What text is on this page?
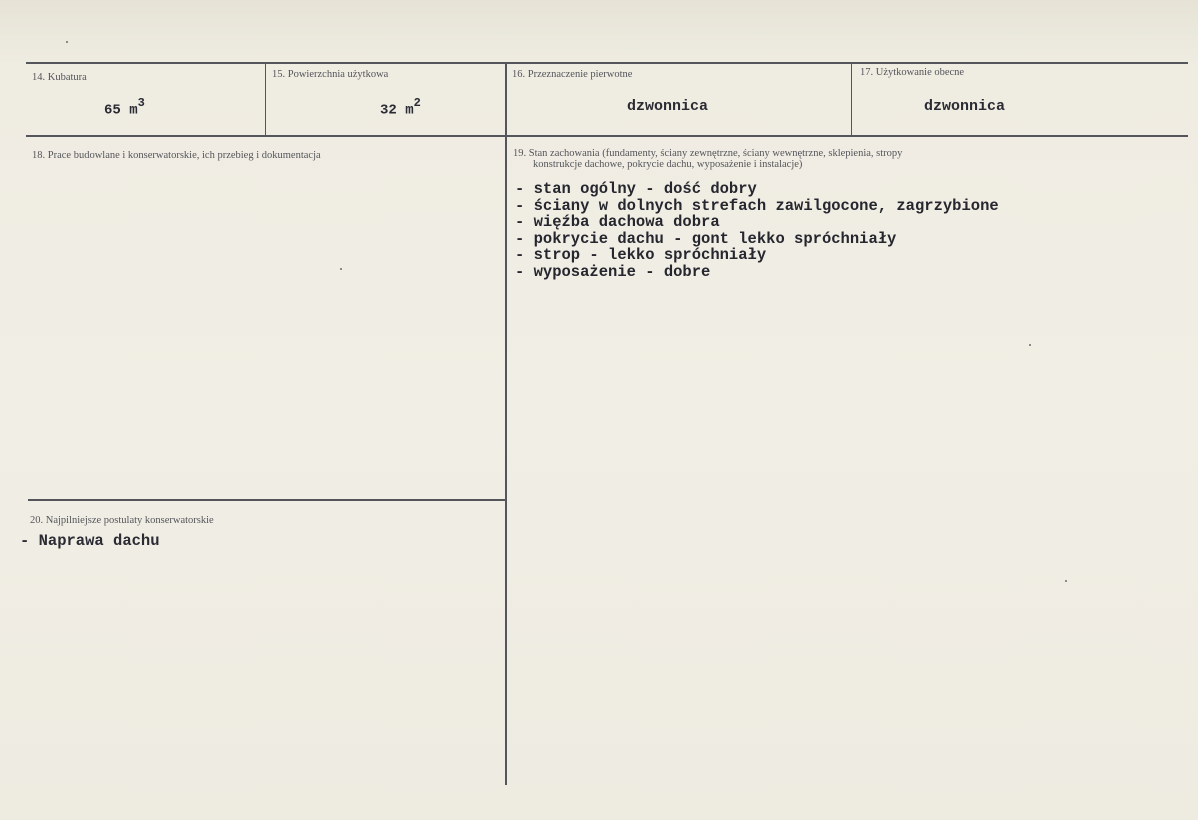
14. Kubatura
65 $m^3$
15. Powierzchnia użytkowa
32 $m^2$
16. Przeznaczenie pierwotne
dzwonnica
17. Użytkowanie obecne
dzwonnica
18. Prace budowlane i konserwatorskie, ich przebieg i dokumentacja	19. Stan zachowania (fundamenty, ściany zewnętrzne, ściany wewnętrzne, sklepienia, stropy
konstrukcje dachowe, pokrycie dachu, wyposażenie i instalacje)
- stan ogólny - dość dobry
- ściany w dolnych strefach zawilgocone, zagrzybione
- więźba dachowa dobra
- pokrycie dachu - gont lekko spróchniały
- strop - lekko spróchniały
- wyposażenie - dobre
20. Najpilniejsze postulaty konserwatorskie
- Naprawa dachu
